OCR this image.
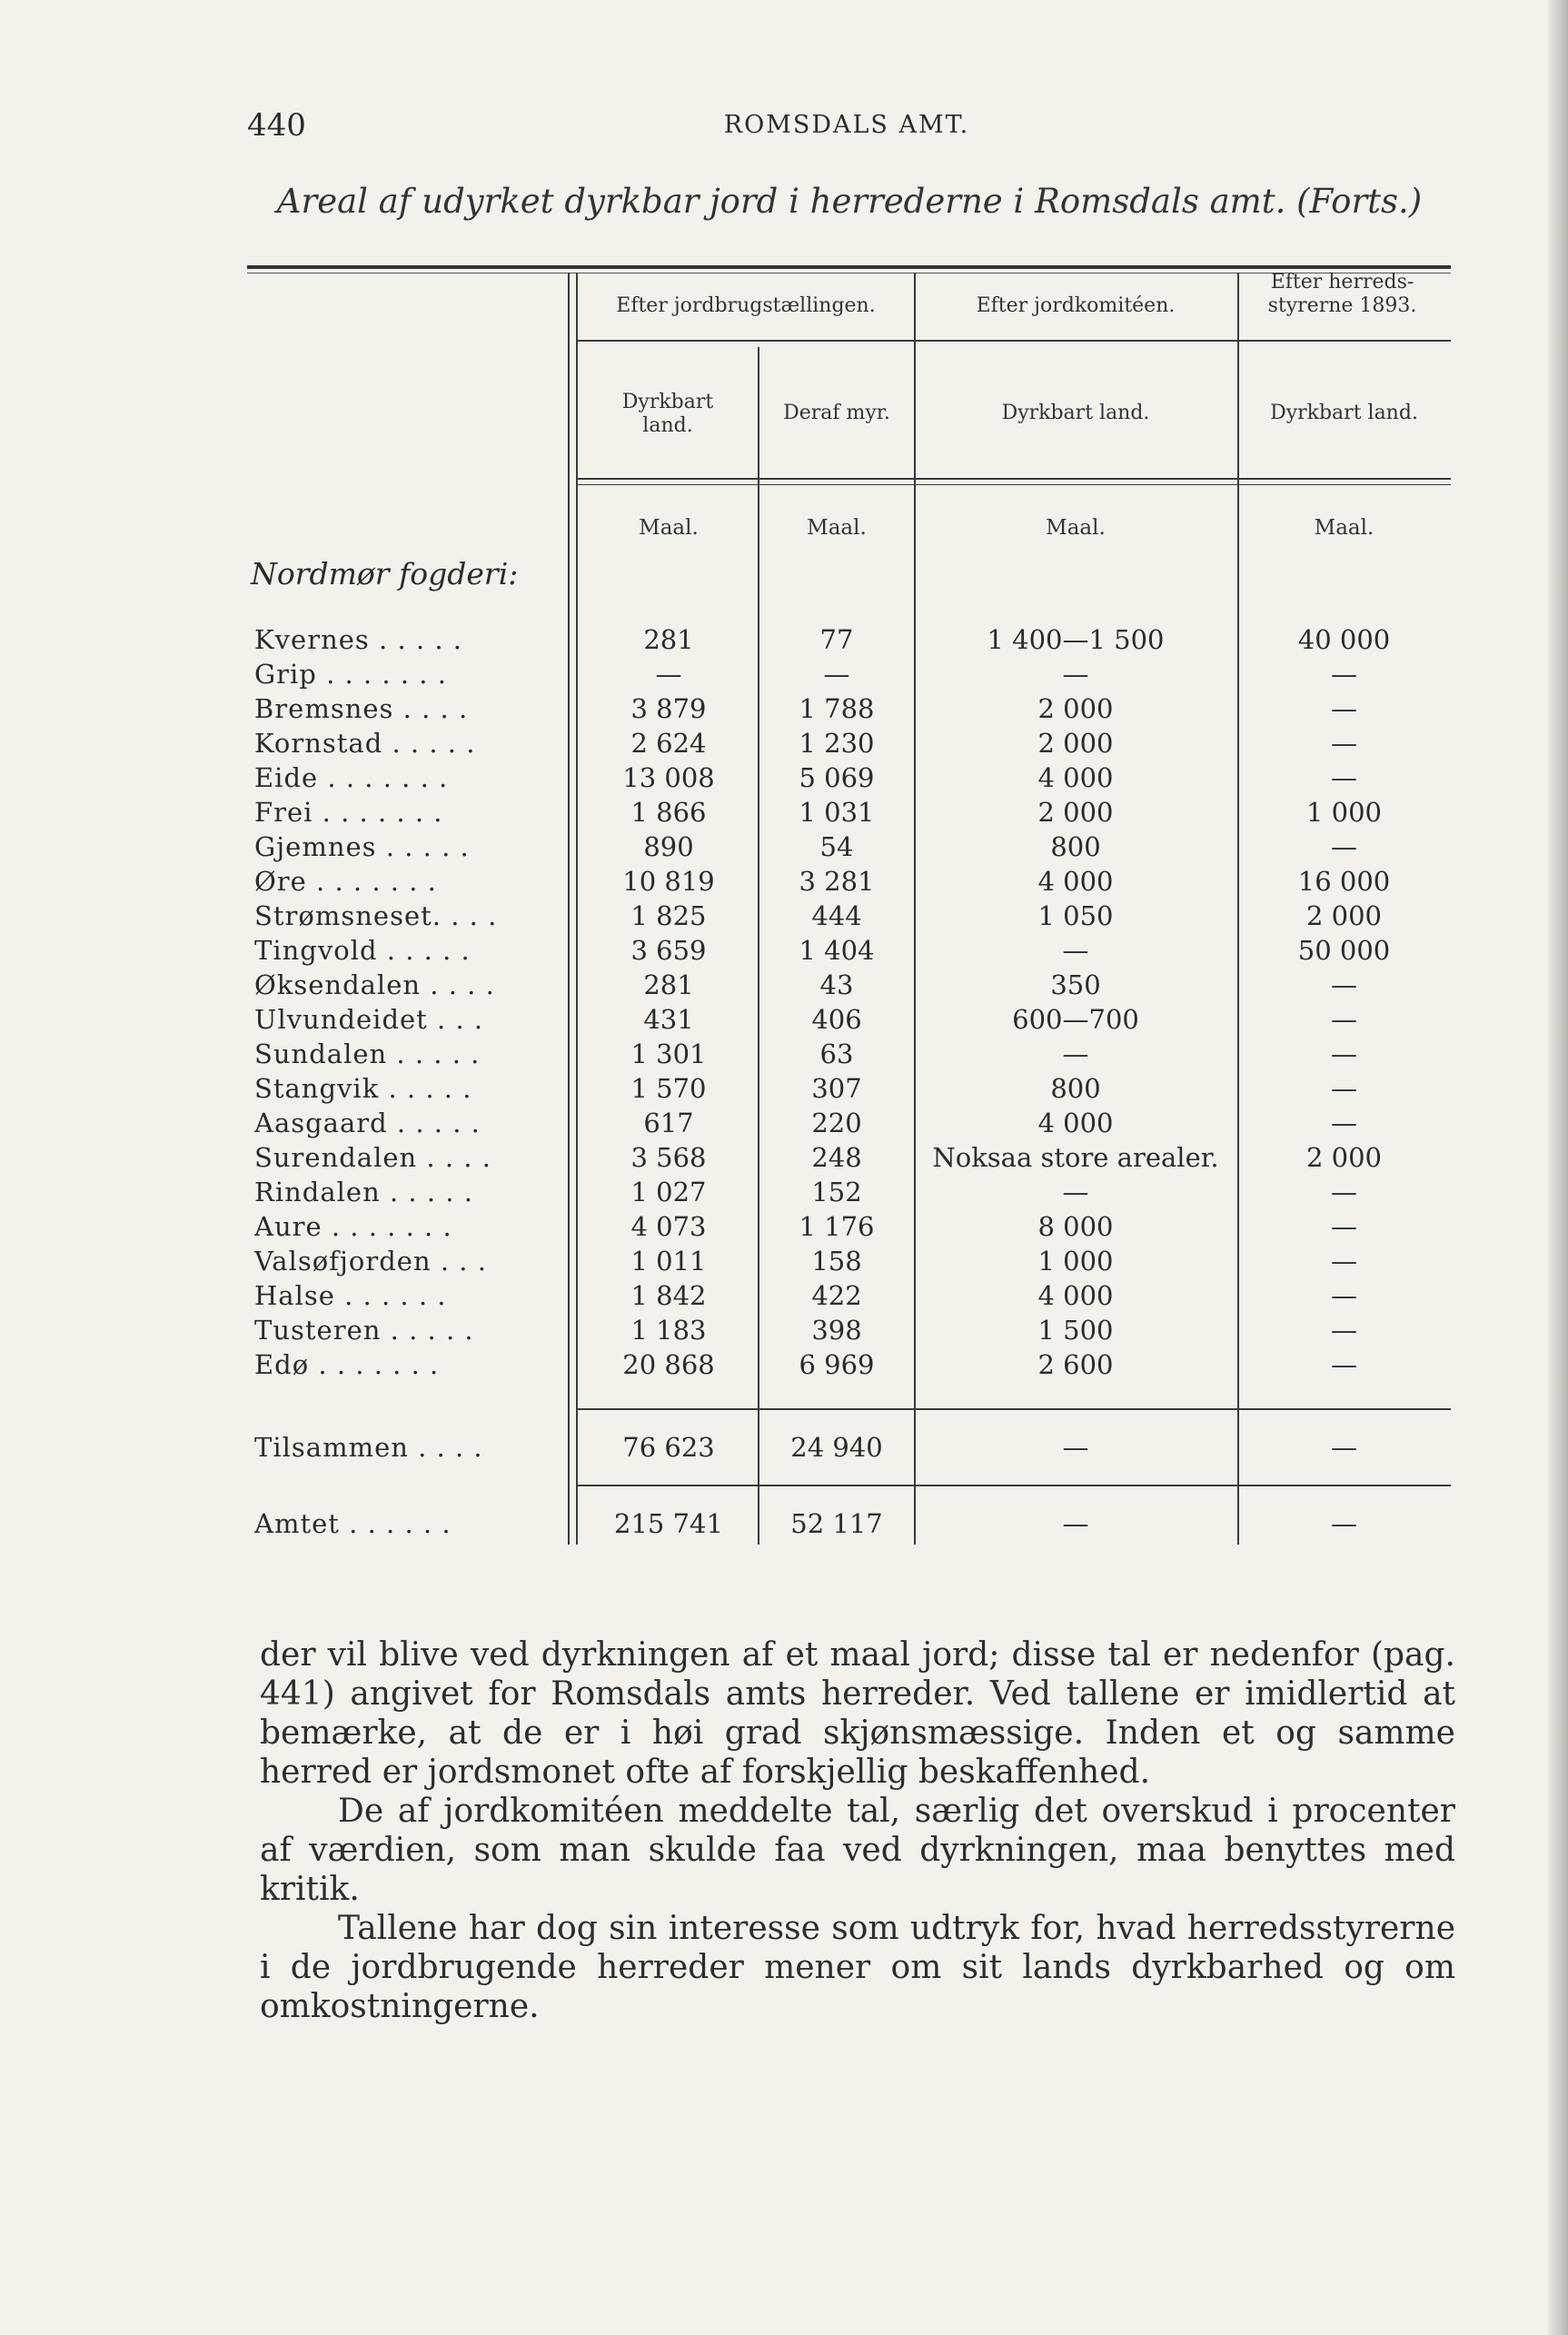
440	ROMSDALS AMT.
Areal af udyrket dyrkbar jord i herrederne i Romsdals amt. (Forts.)
Efter jordbrugstællingen.	Efter jordkomitéen.
Efter herreds-styrerne 1893.
Dyrkbart land.
Deraf myr.	Dyrkbart land.	Dyrkbart land.
Maal.	Maal.	Maal.	Maal.
Nordmør fogderi:
Kvernes . . . . .	281	77	1 400—1 500	40 000
Grip . . . . . . .	—	—	—	—
Bremsnes . . . .	3 879	1 788	2 000	—
Kornstad . . . . .	2 624	1 230	2 000	—
Eide . . . . . . .	13 008	5 069	4 000	—
Frei . . . . . . .	1 866	1 031	2 000	1 000
Gjemnes . . . . .	890	54	800	—
Øre . . . . . . .	10 819	3 281	4 000	16 000
Strømsneset. . . .	1 825	444	1 050	2 000
Tingvold . . . . .	3 659	1 404	—	50 000
Øksendalen . . . .	281	43	350	—
Ulvundeidet . . .	431	406	600—700	—
Sundalen . . . . .	1 301	63	—	—
Stangvik . . . . .	1 570	307	800	—
Aasgaard . . . . .	617	220	4 000	—
Surendalen . . . .	3 568	248	Noksaa store arealer.	2 000
Rindalen . . . . .	1 027	152	—	—
Aure . . . . . . .	4 073	1 176	8 000	—
Valsøfjorden . . .	1 011	158	1 000	—
Halse . . . . . .	1 842	422	4 000	—
Tusteren . . . . .	1 183	398	1 500	—
Edø . . . . . . .	20 868	6 969	2 600	—
Tilsammen . . . .	76 623	24 940	—	—
Amtet . . . . . .	215 741	52 117	—	—

der vil blive ved dyrkningen af et maal jord; disse tal er nedenfor (pag. 441) angivet for Romsdals amts herreder. Ved tallene er imidlertid at bemærke, at de er i høi grad skjønsmæssige. Inden et og samme herred er jordsmonet ofte af forskjellig beskaffenhed.

De af jordkomitéen meddelte tal, særlig det overskud i procenter af værdien, som man skulde faa ved dyrkningen, maa benyttes med kritik.

Tallene har dog sin interesse som udtryk for, hvad herredsstyrerne i de jordbrugende herreder mener om sit lands dyrkbarhed og om omkostningerne.
